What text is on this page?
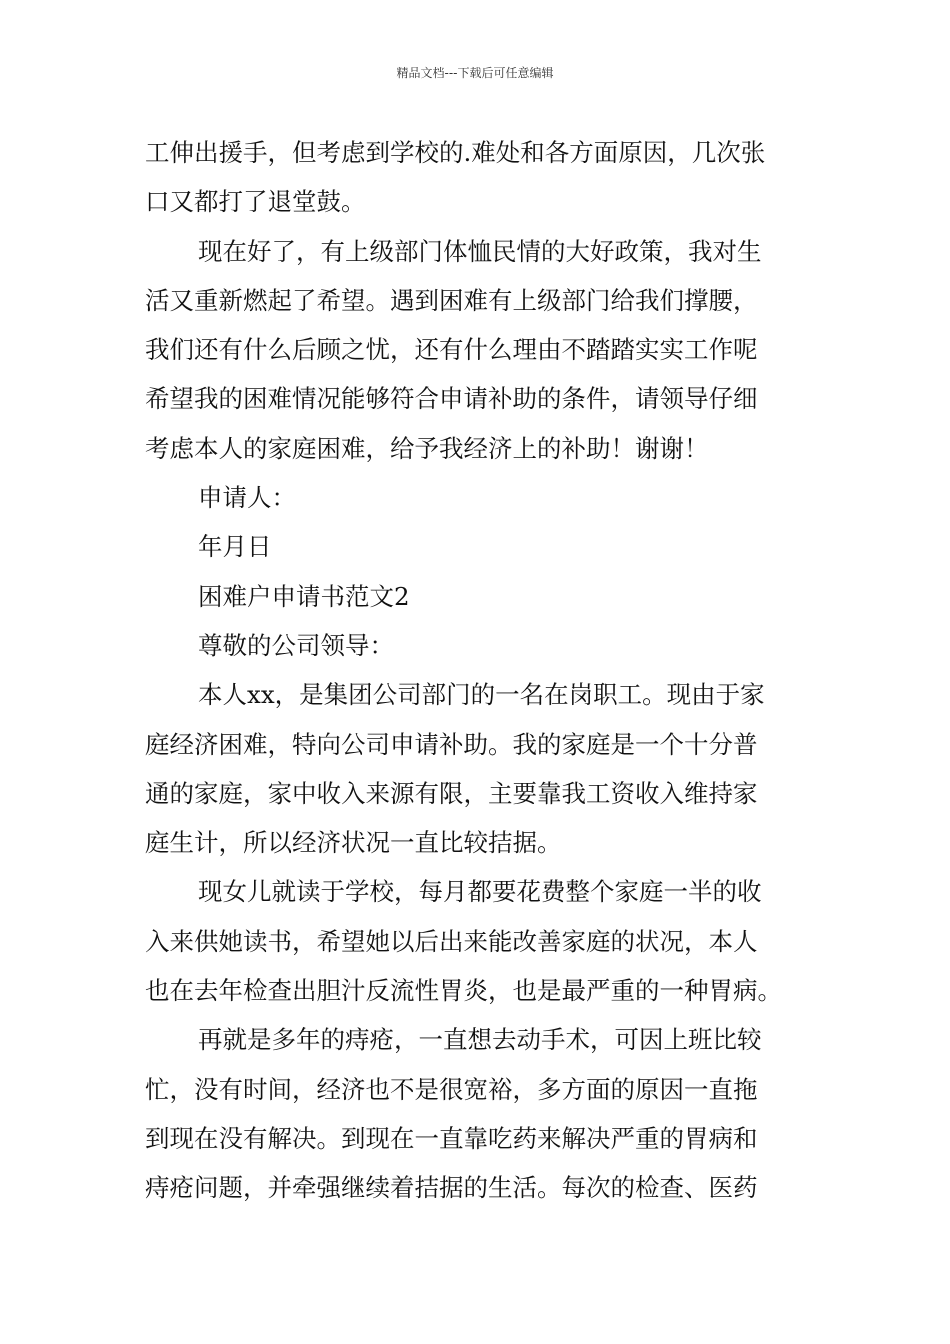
精品文档---下载后可任意编辑
工伸出援手，但考虑到学校的.难处和各方面原因，几次张
口又都打了退堂鼓。
现在好了，有上级部门体恤民情的大好政策，我对生
活又重新燃起了希望。遇到困难有上级部门给我们撑腰，
我们还有什么后顾之忧，还有什么理由不踏踏实实工作呢
希望我的困难情况能够符合申请补助的条件，请领导仔细
考虑本人的家庭困难，给予我经济上的补助！谢谢！
申请人：
年月日
困难户申请书范文2
尊敬的公司领导：
本人xx，是集团公司部门的一名在岗职工。现由于家
庭经济困难，特向公司申请补助。我的家庭是一个十分普
通的家庭，家中收入来源有限，主要靠我工资收入维持家
庭生计，所以经济状况一直比较拮据。
现女儿就读于学校，每月都要花费整个家庭一半的收
入来供她读书，希望她以后出来能改善家庭的状况，本人
也在去年检查出胆汁反流性胃炎，也是最严重的一种胃病。
再就是多年的痔疮，一直想去动手术，可因上班比较
忙，没有时间，经济也不是很宽裕，多方面的原因一直拖
到现在没有解决。到现在一直靠吃药来解决严重的胃病和
痔疮问题，并牵强继续着拮据的生活。每次的检查、医药
